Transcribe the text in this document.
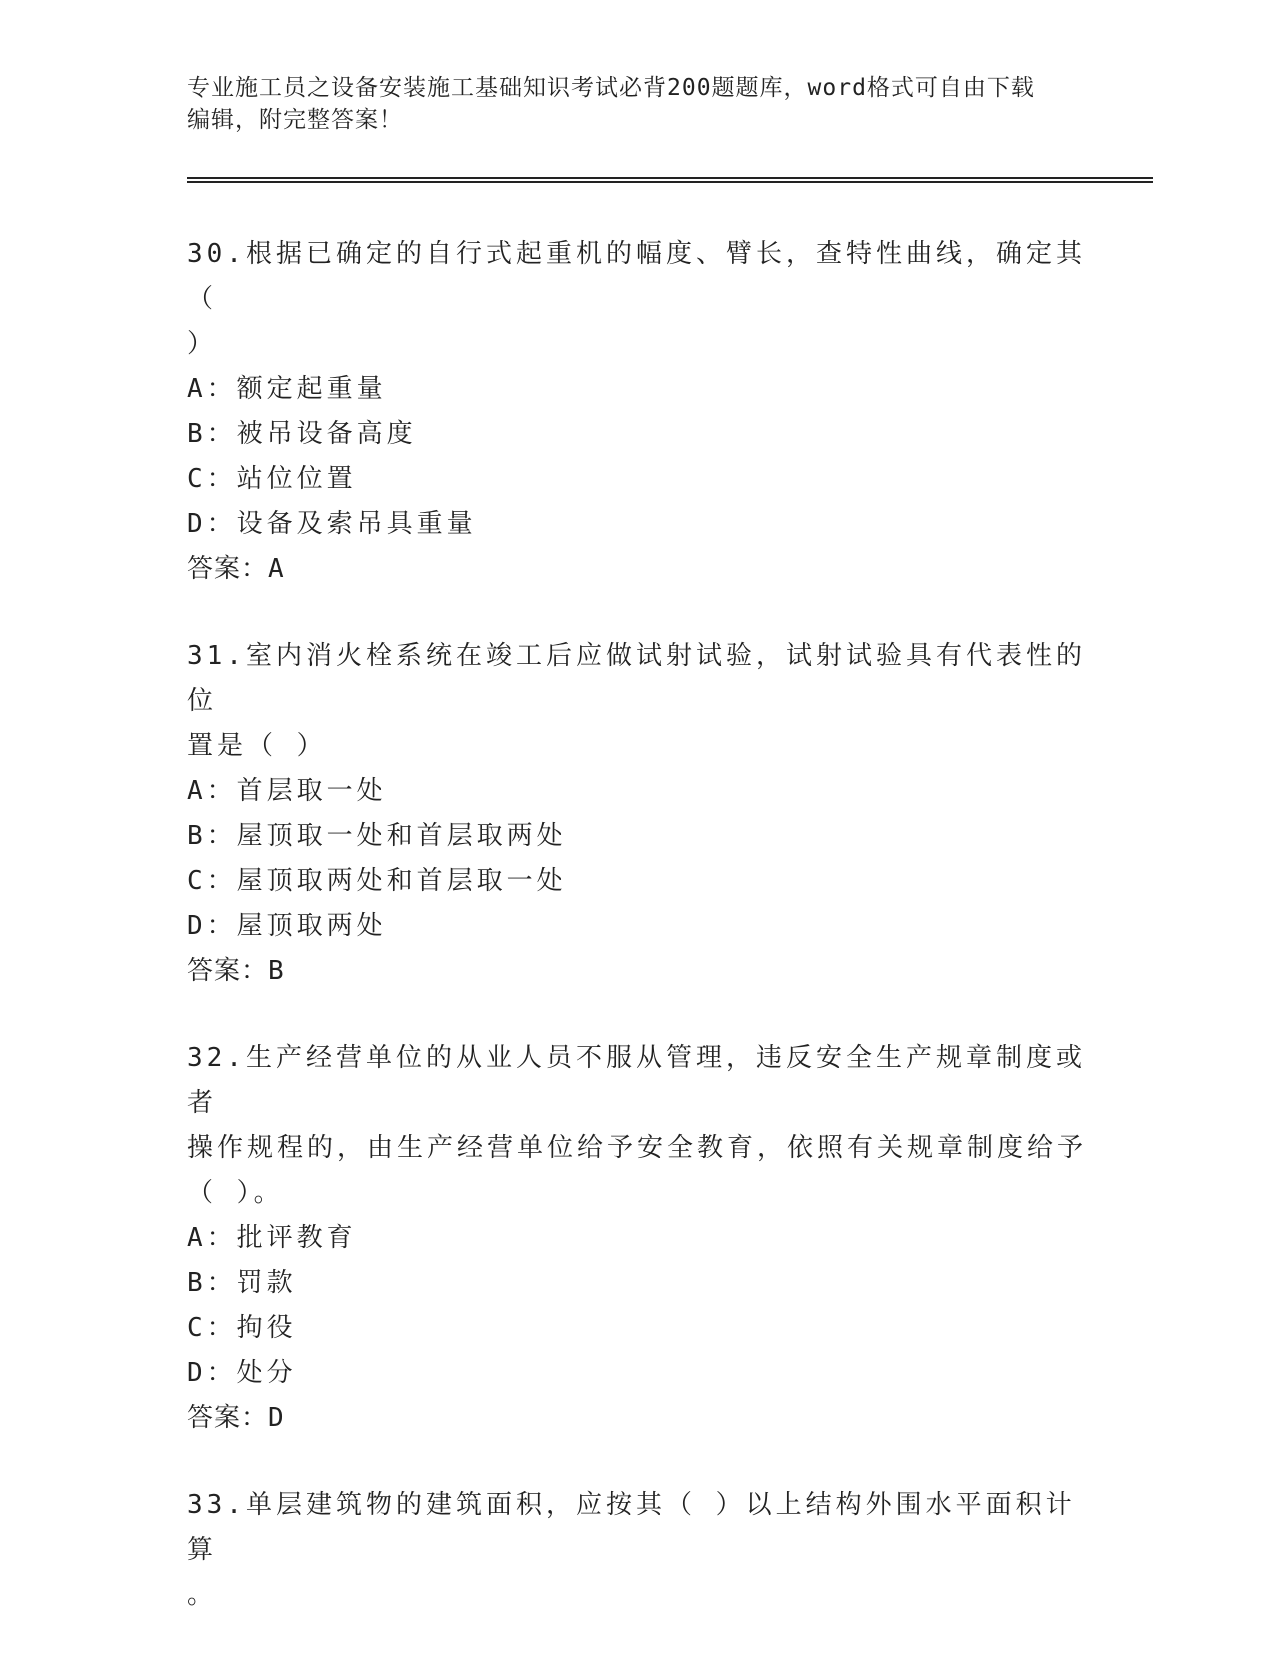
专业施工员之设备安装施工基础知识考试必背200题题库，word格式可自由下载
编辑，附完整答案！

30.根据已确定的自行式起重机的幅度、臂长，查特性曲线，确定其（

）

A：额定起重量

B：被吊设备高度

C：站位位置

D：设备及索吊具重量

答案：A

31.室内消火栓系统在竣工后应做试射试验，试射试验具有代表性的位

置是（ ）

A：首层取一处

B：屋顶取一处和首层取两处

C：屋顶取两处和首层取一处

D：屋顶取两处

答案：B

32.生产经营单位的从业人员不服从管理，违反安全生产规章制度或者

操作规程的，由生产经营单位给予安全教育，依照有关规章制度给予

（ ）。

A：批评教育

B：罚款

C：拘役

D：处分

答案：D

33.单层建筑物的建筑面积，应按其（ ）以上结构外围水平面积计算

。
